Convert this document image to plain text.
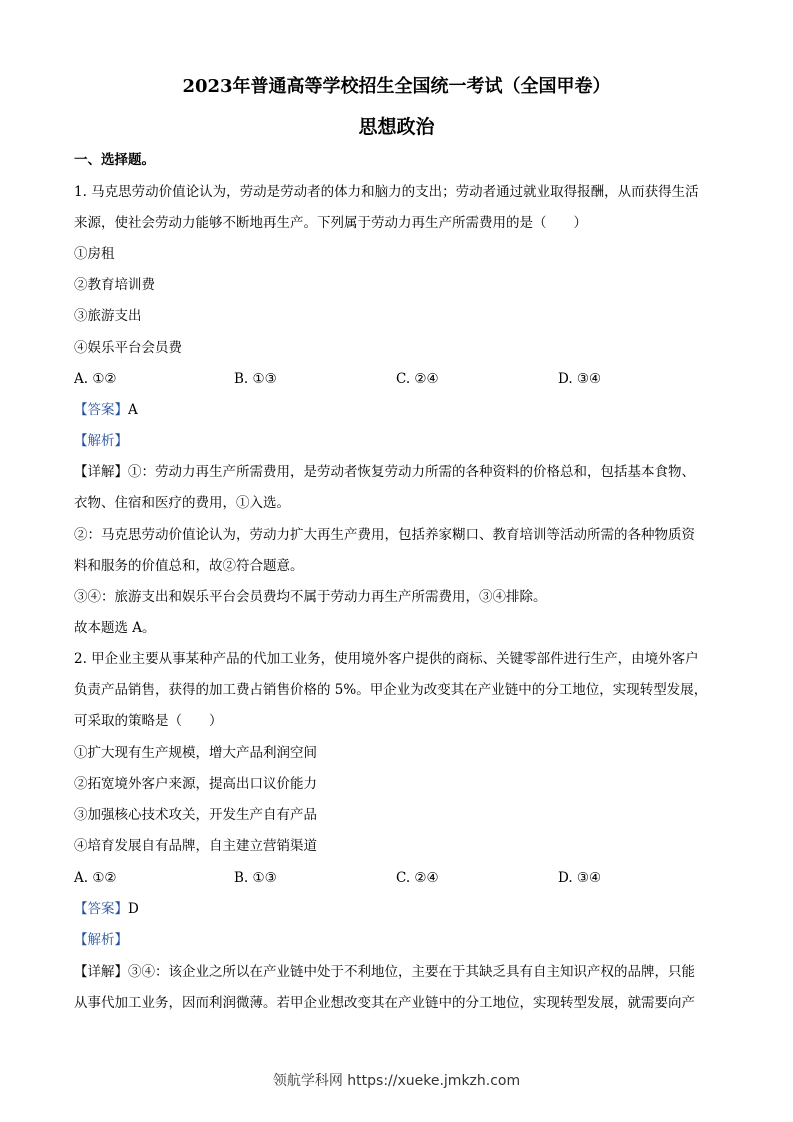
2023年普通高等学校招生全国统一考试（全国甲卷）
思想政治
一、选择题。
1. 马克思劳动价值论认为，劳动是劳动者的体力和脑力的支出；劳动者通过就业取得报酬，从而获得生活
来源，使社会劳动力能够不断地再生产。下列属于劳动力再生产所需费用的是（　　）
①房租
②教育培训费
③旅游支出
④娱乐平台会员费
A. ①②	B. ①③	C. ②④	D. ③④
【答案】A
【解析】
【详解】①：劳动力再生产所需费用，是劳动者恢复劳动力所需的各种资料的价格总和，包括基本食物、
衣物、住宿和医疗的费用，①入选。
②：马克思劳动价值论认为，劳动力扩大再生产费用，包括养家糊口、教育培训等活动所需的各种物质资
料和服务的价值总和，故②符合题意。
③④：旅游支出和娱乐平台会员费均不属于劳动力再生产所需费用，③④排除。
故本题选 A。
2. 甲企业主要从事某种产品的代加工业务，使用境外客户提供的商标、关键零部件进行生产，由境外客户
负责产品销售，获得的加工费占销售价格的 5%。甲企业为改变其在产业链中的分工地位，实现转型发展，
可采取的策略是（　　）
①扩大现有生产规模，增大产品利润空间
②拓宽境外客户来源，提高出口议价能力
③加强核心技术攻关，开发生产自有产品
④培育发展自有品牌，自主建立营销渠道
A. ①②	B. ①③	C. ②④	D. ③④
【答案】D
【解析】
【详解】③④：该企业之所以在产业链中处于不利地位，主要在于其缺乏具有自主知识产权的品牌，只能
从事代加工业务，因而利润微薄。若甲企业想改变其在产业链中的分工地位，实现转型发展，就需要向产
领航学科网 https://xueke.jmkzh.com
